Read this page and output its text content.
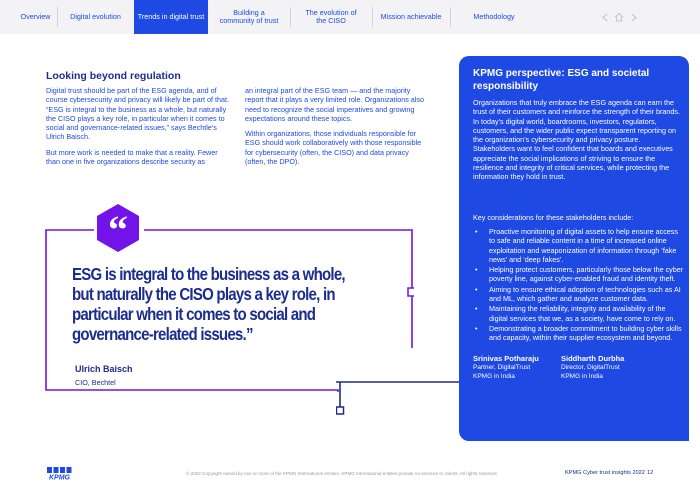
Overview	Digital evolution Trends in digital trust	Building a community of trust
The evolution of the CISO	Mission achievable	Methodology
Looking beyond regulation

Digital trust should be part of the ESG agenda, and of course cybersecurity and privacy will likely be part of that. “ESG is integral to the business as a whole, but naturally the CISO plays a key role, in particular when it comes to social and governance-related issues,” says Bechtle’s Ulrich Baisch.

But more work is needed to make that a reality. Fewer than one in five organizations describe security as

an integral part of the ESG team — and the majority report that it plays a very limited role. Organizations also need to recognize the social imperatives and growing expectations around these topics.

Within organizations, those individuals responsible for ESG should work collaboratively with those responsible for cybersecurity (often, the CISO) and data privacy (often, the DPO).

“
ESG is integral to the business as a whole, but naturally the CISO plays a key role, in particular when it comes to social and governance-related issues.”
Ulrich Baisch
CIO, Bechtel
KPMG perspective: ESG and societal responsibility
Organizations that truly embrace the ESG agenda can earn the trust of their customers and reinforce the strength of their brands. In today’s digital world, boardrooms, investors, regulators, customers, and the wider public expect transparent reporting on the organization’s cybersecurity and privacy posture. Stakeholders want to feel confident that boards and executives appreciate the social implications of striving to ensure the resilience and integrity of critical services, while protecting the information they hold in trust.
Key considerations for these stakeholders include:
• Proactive monitoring of digital assets to help ensure access to safe and reliable content in a time of increased online exploitation and weaponization of information through ‘fake news’ and ‘deep fakes’.
• Helping protect customers, particularly those below the cyber poverty line, against cyber-enabled fraud and identity theft.
• Aiming to ensure ethical adoption of technologies such as AI and ML, which gather and analyze customer data.
• Maintaining the reliability, integrity and availability of the digital services that we, as a society, have come to rely on.
• Demonstrating a broader commitment to building cyber skills and capacity, within their supplier ecosystem and beyond.
Srinivas Potharaju
Partner, DigitalTrust
KPMG in India
Siddharth Durbha
Director, DigitalTrust
KPMG in India
KPMG
© 2022 Copyright owned by one or more of the KPMG International entities. KPMG International entities provide no services to clients. All rights reserved.	KPMG Cyber trust insights 2022 12
